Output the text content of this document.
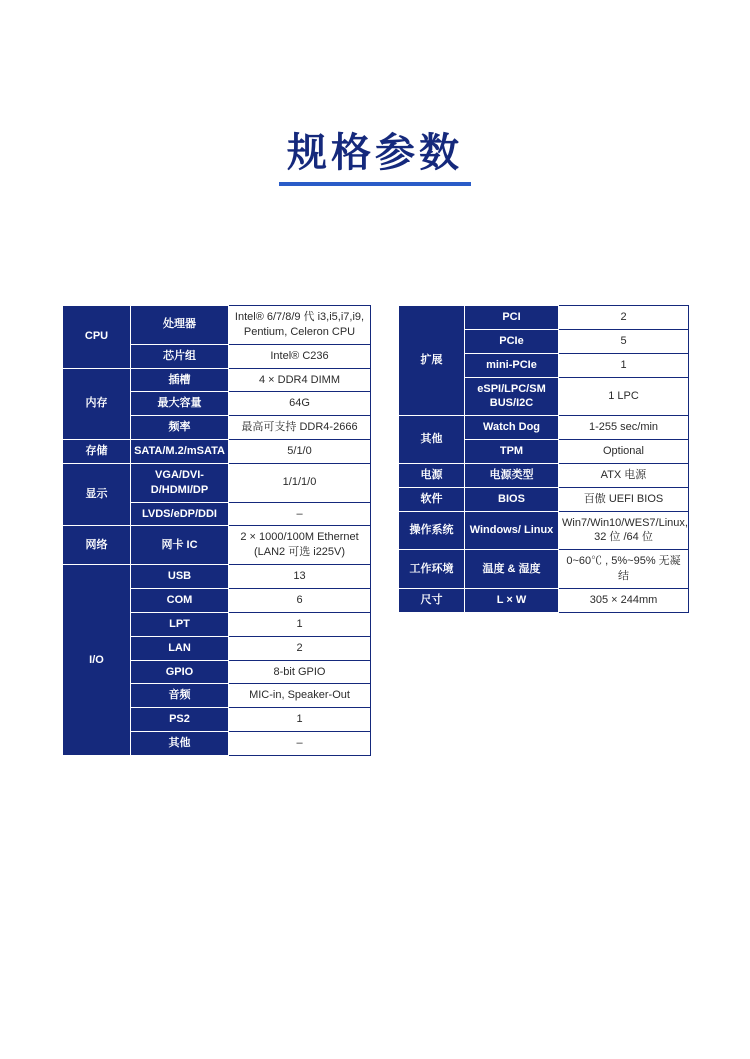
规格参数
CPU	处理器	Intel® 6/7/8/9 代 i3,i5,i7,i9, Pentium, Celeron CPU
	芯片组	Intel® C236
内存	插槽	4 × DDR4 DIMM
	最大容量	64G
	频率	最高可支持 DDR4-2666
存储	SATA/M.2/mSATA	5/1/0
显示	VGA/DVI-D/HDMI/DP	1/1/1/0
	LVDS/eDP/DDI	–
网络	网卡 IC	2 × 1000/100M Ethernet (LAN2 可选 i225V)
I/O	USB	13
	COM	6
	LPT	1
	LAN	2
	GPIO	8-bit GPIO
	音频	MIC-in, Speaker-Out
	PS2	1
	其他	–
扩展	PCI	2
	PCIe	5
	mini-PCIe	1
	eSPI/LPC/SM BUS/I2C	1 LPC
其他	Watch Dog	1-255 sec/min
	TPM	Optional
电源	电源类型	ATX 电源
软件	BIOS	百傲 UEFI BIOS
操作系统	Windows/ Linux	Win7/Win10/WES7/Linux, 32 位 /64 位
工作环境	温度 & 湿度	0~60℃ , 5%~95% 无凝结
尺寸	L × W	305 × 244mm
